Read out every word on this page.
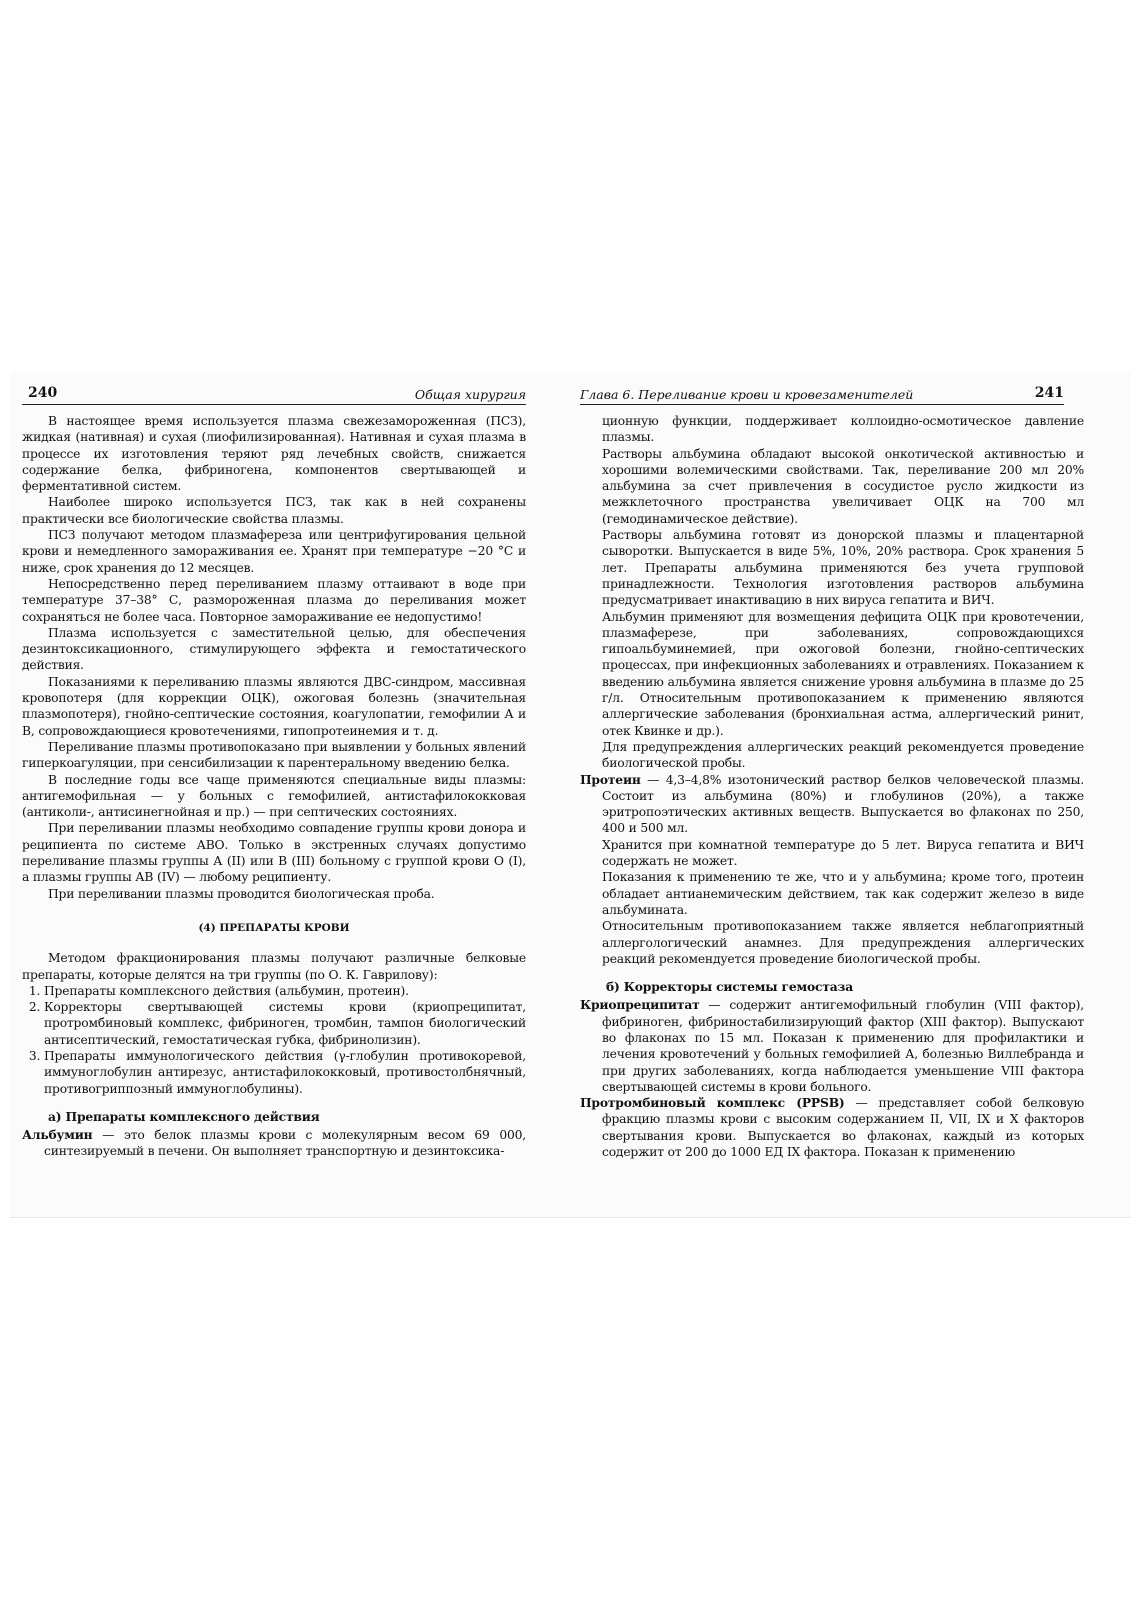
240	Общая хирургия

В настоящее время используется плазма свежезамороженная (ПСЗ), жидкая (нативная) и сухая (лиофилизированная). Нативная и сухая плазма в процессе их изготовления теряют ряд лечебных свойств, снижается содержание белка, фибриногена, компонентов свертывающей и ферментативной систем.

Наиболее широко используется ПСЗ, так как в ней сохранены практически все биологические свойства плазмы.

ПСЗ получают методом плазмафереза или центрифугирования цельной крови и немедленного замораживания ее. Хранят при температуре −20 °С и ниже, срок хранения до 12 месяцев.

Непосредственно перед переливанием плазму оттаивают в воде при температуре 37–38° С, размороженная плазма до переливания может сохраняться не более часа. Повторное замораживание ее недопустимо!

Плазма используется с заместительной целью, для обеспечения дезинтоксикационного, стимулирующего эффекта и гемостатического действия.

Показаниями к переливанию плазмы являются ДВС-синдром, массивная кровопотеря (для коррекции ОЦК), ожоговая болезнь (значительная плазмопотеря), гнойно-септические состояния, коагулопатии, гемофилии А и В, сопровождающиеся кровотечениями, гипопротеинемия и т. д.

Переливание плазмы противопоказано при выявлении у больных явлений гиперкоагуляции, при сенсибилизации к парентеральному введению белка.

В последние годы все чаще применяются специальные виды плазмы: антигемофильная — у больных с гемофилией, антистафилококковая (антиколи-, антисинегнойная и пр.) — при септических состояниях.

При переливании плазмы необходимо совпадение группы крови донора и реципиента по системе АВО. Только в экстренных случаях допустимо переливание плазмы группы А (II) или В (III) больному с группой крови О (I), а плазмы группы АВ (IV) — любому реципиенту.

При переливании плазмы проводится биологическая проба.

(4) ПРЕПАРАТЫ КРОВИ

Методом фракционирования плазмы получают различные белковые препараты, которые делятся на три группы (по О. К. Гаврилову):

1. Препараты комплексного действия (альбумин, протеин).
2. Корректоры свертывающей системы крови (криопреципитат, протромбиновый комплекс, фибриноген, тромбин, тампон биологический антисептический, гемостатическая губка, фибринолизин).
3. Препараты иммунологического действия (γ-глобулин противокоревой, иммуноглобулин антирезус, антистафилококковый, противостолбнячный, противогриппозный иммуноглобулины).
а) Препараты комплексного действия

Альбумин — это белок плазмы крови с молекулярным весом 69 000, синтезируемый в печени. Он выполняет транспортную и дезинтоксика-

Глава 6. Переливание крови и кровезаменителей	241

ционную функции, поддерживает коллоидно-осмотическое давление плазмы.

Растворы альбумина обладают высокой онкотической активностью и хорошими волемическими свойствами. Так, переливание 200 мл 20% альбумина за счет привлечения в сосудистое русло жидкости из межклеточного пространства увеличивает ОЦК на 700 мл (гемодинамическое действие).

Растворы альбумина готовят из донорской плазмы и плацентарной сыворотки. Выпускается в виде 5%, 10%, 20% раствора. Срок хранения 5 лет. Препараты альбумина применяются без учета групповой принадлежности. Технология изготовления растворов альбумина предусматривает инактивацию в них вируса гепатита и ВИЧ.

Альбумин применяют для возмещения дефицита ОЦК при кровотечении, плазмаферезе, при заболеваниях, сопровождающихся гипоальбуминемией, при ожоговой болезни, гнойно-септических процессах, при инфекционных заболеваниях и отравлениях. Показанием к введению альбумина является снижение уровня альбумина в плазме до 25 г/л. Относительным противопоказанием к применению являются аллергические заболевания (бронхиальная астма, аллергический ринит, отек Квинке и др.).

Для предупреждения аллергических реакций рекомендуется проведение биологической пробы.

Протеин — 4,3–4,8% изотонический раствор белков человеческой плазмы. Состоит из альбумина (80%) и глобулинов (20%), а также эритропоэтических активных веществ. Выпускается во флаконах по 250, 400 и 500 мл.

Хранится при комнатной температуре до 5 лет. Вируса гепатита и ВИЧ содержать не может.

Показания к применению те же, что и у альбумина; кроме того, протеин обладает антианемическим действием, так как содержит железо в виде альбумината.

Относительным противопоказанием также является неблагоприятный аллергологический анамнез. Для предупреждения аллергических реакций рекомендуется проведение биологической пробы.

б) Корректоры системы гемостаза

Криопреципитат — содержит антигемофильный глобулин (VIII фактор), фибриноген, фибриностабилизирующий фактор (XIII фактор). Выпускают во флаконах по 15 мл. Показан к применению для профилактики и лечения кровотечений у больных гемофилией А, болезнью Виллебранда и при других заболеваниях, когда наблюдается уменьшение VIII фактора свертывающей системы в крови больного.

Протромбиновый комплекс (PPSB) — представляет собой белковую фракцию плазмы крови с высоким содержанием II, VII, IX и X факторов свертывания крови. Выпускается во флаконах, каждый из которых содержит от 200 до 1000 ЕД IX фактора. Показан к применению
